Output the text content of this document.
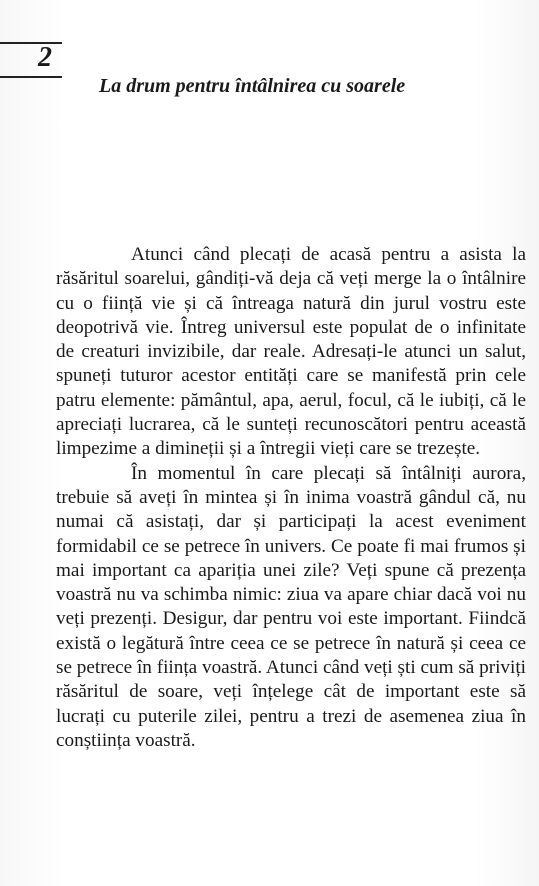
2
La drum pentru întâlnirea cu soarele

Atunci când plecați de acasă pentru a asista la răsăritul soarelui, gândiți-vă deja că veți merge la o întâlnire cu o ființă vie și că întreaga natură din jurul vostru este deopotrivă vie. Întreg universul este populat de o infinitate de creaturi invizibile, dar reale. Adresați-le atunci un salut, spuneți tuturor acestor entități care se manifestă prin cele patru elemente: pământul, apa, aerul, focul, că le iubiți, că le apreciați lucrarea, că le sunteți recunoscători pentru această limpezime a dimineții și a întregii vieți care se trezește.

În momentul în care plecați să întâlniți aurora, trebuie să aveți în mintea și în inima voastră gândul că, nu numai că asistați, dar și participați la acest eveniment formidabil ce se petrece în univers. Ce poate fi mai frumos și mai important ca apariția unei zile? Veți spune că prezența voastră nu va schimba nimic: ziua va apare chiar dacă voi nu veți prezenți. Desigur, dar pentru voi este important. Fiindcă există o legătură între ceea ce se petrece în natură și ceea ce se petrece în ființa voastră. Atunci când veți ști cum să priviți răsăritul de soare, veți înțelege cât de important este să lucrați cu puterile zilei, pentru a trezi de asemenea ziua în conștiința voastră.
